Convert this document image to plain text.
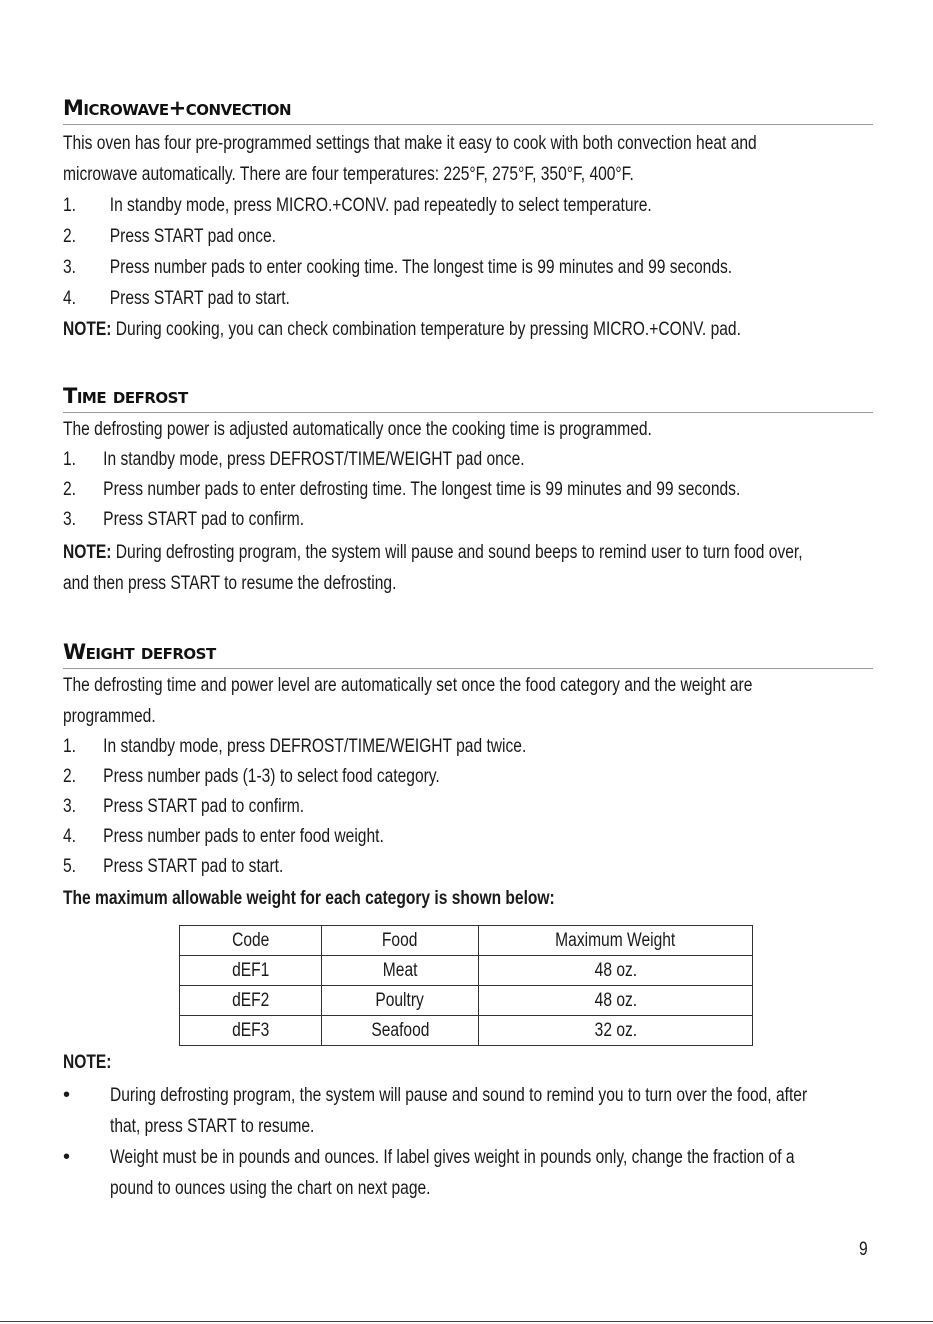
Microwave+convection
This oven has four pre-programmed settings that make it easy to cook with both convection heat and
microwave automatically. There are four temperatures: 225°F, 275°F, 350°F, 400°F.
1.	In standby mode, press MICRO.+CONV. pad repeatedly to select temperature.
2.	Press START pad once.
3.	Press number pads to enter cooking time. The longest time is 99 minutes and 99 seconds.
4.	Press START pad to start.
NOTE: During cooking, you can check combination temperature by pressing MICRO.+CONV. pad.
Time defrost
The defrosting power is adjusted automatically once the cooking time is programmed.
1.	In standby mode, press DEFROST/TIME/WEIGHT pad once.
2.	Press number pads to enter defrosting time. The longest time is 99 minutes and 99 seconds.
3.	Press START pad to confirm.
NOTE: During defrosting program, the system will pause and sound beeps to remind user to turn food over,
and then press START to resume the defrosting.
Weight defrost
The defrosting time and power level are automatically set once the food category and the weight are
programmed.
1.	In standby mode, press DEFROST/TIME/WEIGHT pad twice.
2.	Press number pads (1-3) to select food category.
3.	Press START pad to confirm.
4.	Press number pads to enter food weight.
5.	Press START pad to start.
The maximum allowable weight for each category is shown below:
Code	Food	Maximum Weight
dEF1	Meat	48 oz.
dEF2	Poultry	48 oz.
dEF3	Seafood	32 oz.
NOTE:
• During defrosting program, the system will pause and sound to remind you to turn over the food, after
that, press START to resume.
• Weight must be in pounds and ounces. If label gives weight in pounds only, change the fraction of a
pound to ounces using the chart on next page.
9
